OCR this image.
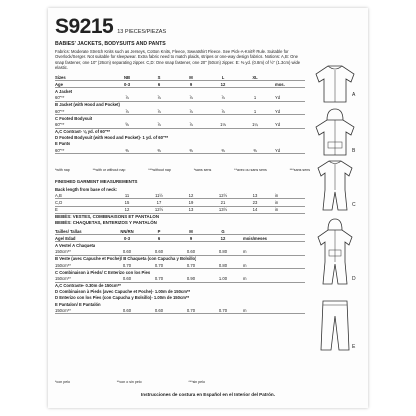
S9215 13 PIECES/PIEZAS
BABIES' JACKETS, BODYSUITS AND PANTS
Fabrics: Moderate Stretch Knits such as Jerseys, Cotton Knits, Fleece, Sweatshirt Fleece. See Pick-A-Knit® Rule. Suitable for Overlock/Serger. Not suitable for sleepwear. Extra fabric need to match plaids, stripes or one-way design fabrics. Notions: A,B: One snap fastener, one 10" (26cm) separating zipper. C,D: One snap fastener, one 20" (50cm) zipper. E: ⅜ yd. (0.8m) of ½" (1.3cm) wide elastic.
Sizes	NB	S	M	L	XL
Age	0-3	6	9	12	mos.
A Jacket
60"**	⅞	⅞	⅞	⅞	1	Yd
B Jacket (with Hood and Pocket)
60"**	⅞	⅞	⅞	⅞	1	Yd
C Footed Bodysuit
60"**	⅝	⅞	⅞	1⅛	1¼	Yd
A,C Contrast- ⅛ yd. of 60"**
D Footed Bodysuit (with Hood and Pocket)- 1 yd. of 60"**
E Pants
60"**	⅜	⅜	⅜	⅜	⅜	Yd
FINISHED GARMENT MEASUREMENTS
Back length from base of neck:
A,B	11	11½	12	12½	13	in
C,D	15	17	19	21	23	in
E	12	12½	13	13½	14	in
BEBÉS: VESTES, COMBINAISONS ET PANTALON
BEBÉS: CHAQUETAS, ENTERIZOS Y PANTALÓN
Tailles/ Tallas	NN/RN	P	M	G
Age/ Edad	0-3	6	9	12	mois/meses
A Veste/ A Chaqueta
150cm**	0.60	0.60	0.60	0.80	m
B Veste (avec Capuche et Poche)/ B Chaqueta (con Capucha y Bolsillo)
150cm**	0.70	0.70	0.70	0.80	m
C Combinaison à Pieds/ C Enterizo con los Pies
150cm**	0.60	0.70	0.90	1.00	m
A,C Contraste- 0.30m de 150cm**
D Combinaison à Pieds (avec Capuche et Poche)- 1.00m de 150cm**
D Enterizo con los Pies (con Capucha y Bolsillo)- 1.00m de 150cm**
E Pantalon/ E Pantalón
150cm**	0.60	0.60	0.70	0.70	m
*with nap	**with or without nap	***without nap	*sans sens	**avec ou sans sens	***sans sens
*con pelo	**con o sin pelo	***sin pelo
Instrucciones de costura en Español en el Interior del Patrón.
A
B
C
D
E
